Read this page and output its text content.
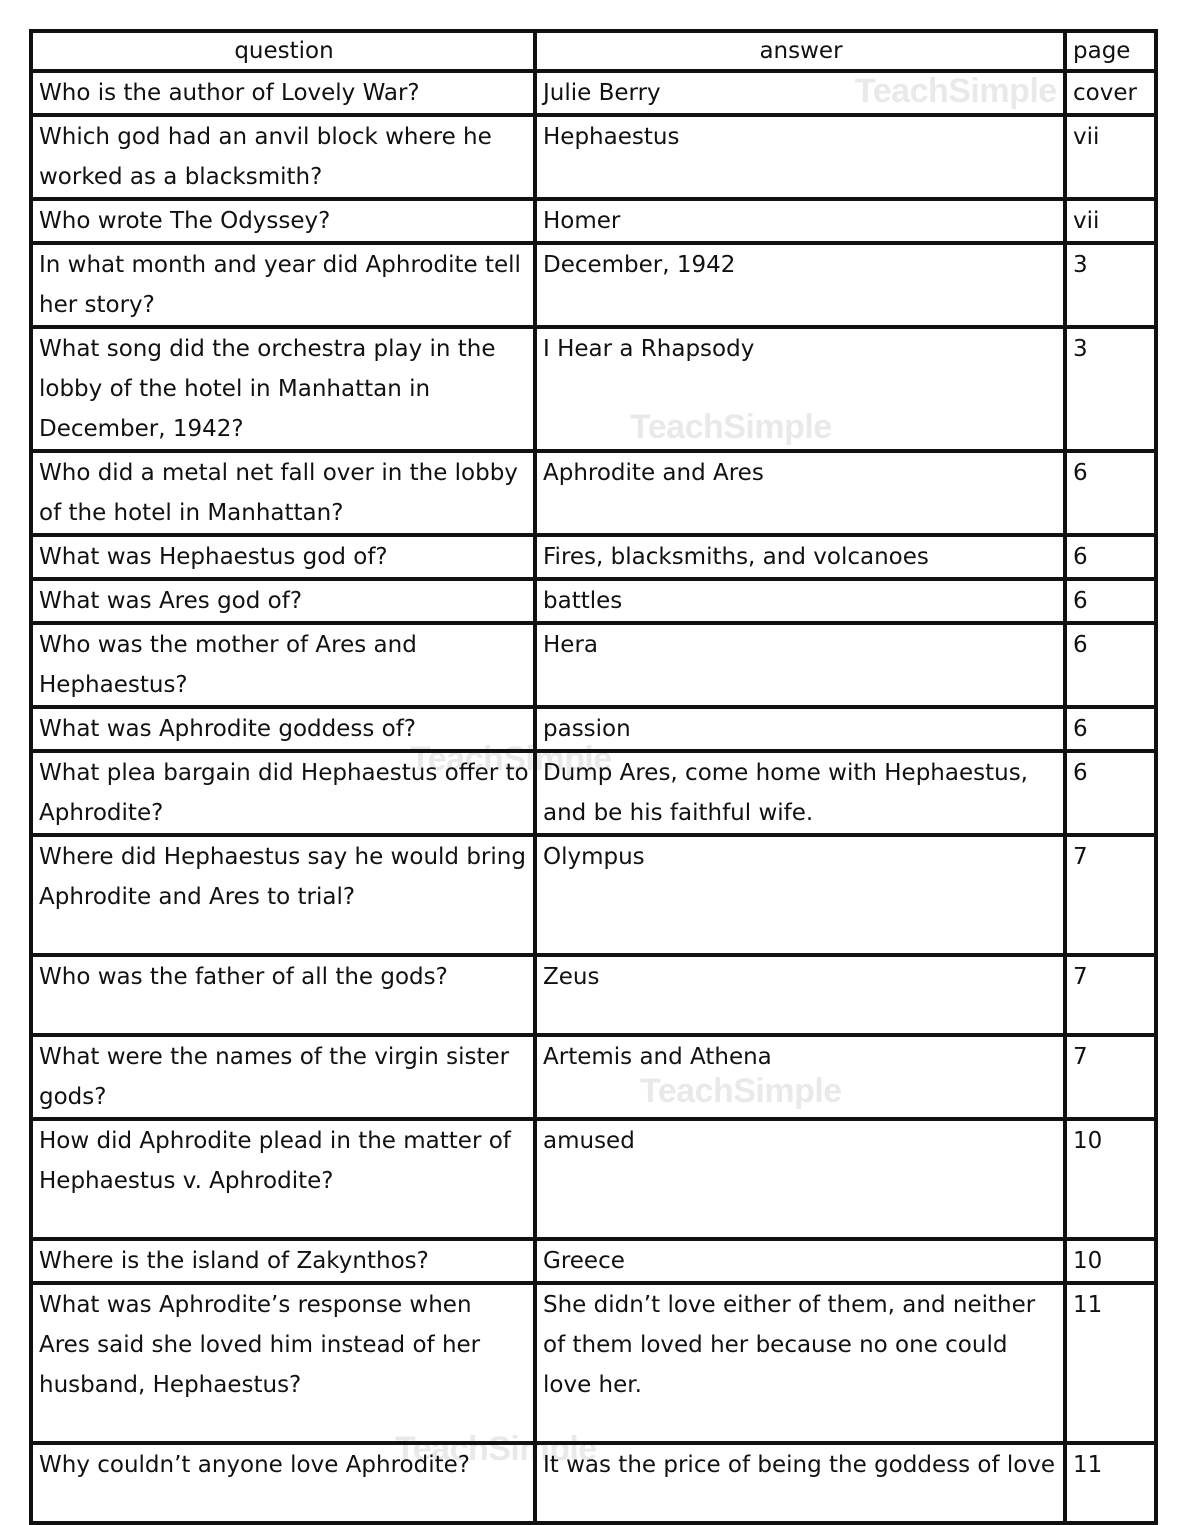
TeachSimple
TeachSimple
TeachSimple
TeachSimple
TeachSimple
question	answer	page
Who is the author of Lovely War?	Julie Berry	cover
Which god had an anvil block where he worked as a blacksmith?	Hephaestus	vii
Who wrote The Odyssey?	Homer	vii
In what month and year did Aphrodite tell her story?	December, 1942	3
What song did the orchestra play in the lobby of the hotel in Manhattan in December, 1942?	I Hear a Rhapsody	3
Who did a metal net fall over in the lobby of the hotel in Manhattan?	Aphrodite and Ares	6
What was Hephaestus god of?	Fires, blacksmiths, and volcanoes	6
What was Ares god of?	battles	6
Who was the mother of Ares and Hephaestus?	Hera	6
What was Aphrodite goddess of?	passion	6
What plea bargain did Hephaestus offer to Aphrodite?	Dump Ares, come home with Hephaestus, and be his faithful wife.	6
Where did Hephaestus say he would bring Aphrodite and Ares to trial?	Olympus	7
Who was the father of all the gods?	Zeus	7
What were the names of the virgin sister gods?	Artemis and Athena	7
How did Aphrodite plead in the matter of Hephaestus v. Aphrodite?	amused	10
Where is the island of Zakynthos?	Greece	10
What was Aphrodite’s response when Ares said she loved him instead of her husband, Hephaestus?	She didn’t love either of them, and neither of them loved her because no one could love her.	11
Why couldn’t anyone love Aphrodite?	It was the price of being the goddess of love	11
